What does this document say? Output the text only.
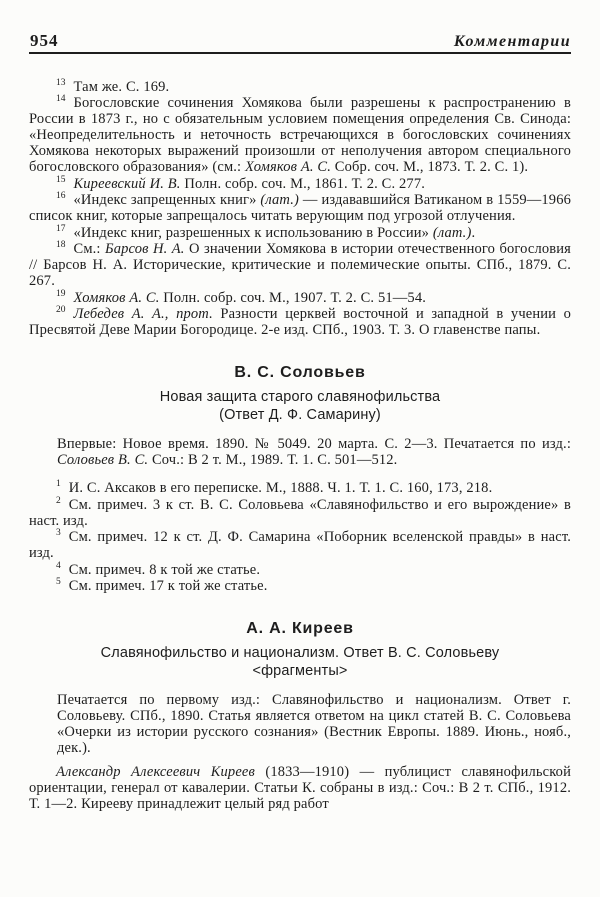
954	Комментарии

$^{13}$ Там же. С. 169.

$^{14}$ Богословские сочинения Хомякова были разрешены к распространению в России в 1873 г., но с обязательным условием помещения определения Св. Синода: «Неопределительность и неточность встречающихся в богословских сочинениях Хомякова некоторых выражений произошли от неполучения автором специального богословского образования» (см.: Хомяков А. С. Собр. соч. М., 1873. Т. 2. С. 1).

$^{15}$ Киреевский И. В. Полн. собр. соч. М., 1861. Т. 2. С. 277.

$^{16}$ «Индекс запрещенных книг» (лат.) — издававшийся Ватиканом в 1559—1966 список книг, которые запрещалось читать верующим под угрозой отлучения.

$^{17}$ «Индекс книг, разрешенных к использованию в России» (лат.).

$^{18}$ См.: Барсов Н. А. О значении Хомякова в истории отечественного богословия // Барсов Н. А. Исторические, критические и полемические опыты. СПб., 1879. С. 267.

$^{19}$ Хомяков А. С. Полн. собр. соч. М., 1907. Т. 2. С. 51—54.

$^{20}$ Лебедев А. А., прот. Разности церквей восточной и западной в учении о Пресвятой Деве Марии Богородице. 2-е изд. СПб., 1903. Т. 3. О главенстве папы.

В. С. Соловьев
Новая защита старого славянофильства
(Ответ Д. Ф. Самарину)

Впервые: Новое время. 1890. № 5049. 20 марта. С. 2—3. Печатается по изд.: Соловьев В. С. Соч.: В 2 т. М., 1989. Т. 1. С. 501—512.

$^1$ И. С. Аксаков в его переписке. М., 1888. Ч. 1. Т. 1. С. 160, 173, 218.

$^2$ См. примеч. 3 к ст. В. С. Соловьева «Славянофильство и его вырождение» в наст. изд.

$^3$ См. примеч. 12 к ст. Д. Ф. Самарина «Поборник вселенской правды» в наст. изд.

$^4$ См. примеч. 8 к той же статье.

$^5$ См. примеч. 17 к той же статье.

А. А. Киреев
Славянофильство и национализм. Ответ В. С. Соловьеву
<фрагменты>

Печатается по первому изд.: Славянофильство и национализм. Ответ г. Соловьеву. СПб., 1890. Статья является ответом на цикл статей В. С. Соловьева «Очерки из истории русского сознания» (Вестник Европы. 1889. Июнь., нояб., дек.).

Александр Алексеевич Киреев (1833—1910) — публицист славянофильской ориентации, генерал от кавалерии. Статьи К. собраны в изд.: Соч.: В 2 т. СПб., 1912. Т. 1—2. Кирееву принадлежит целый ряд работ
